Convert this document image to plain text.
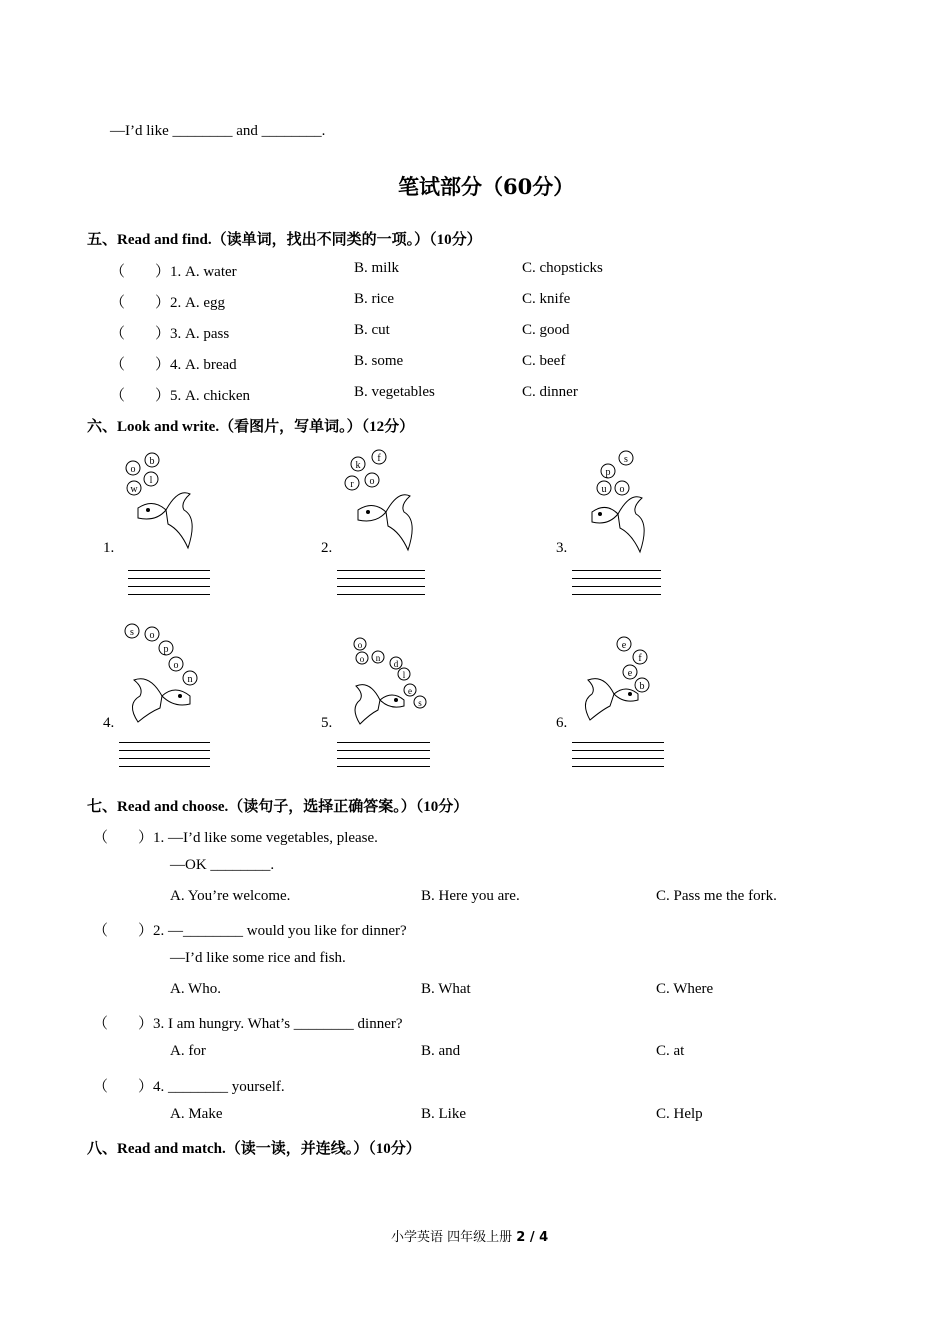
—I’d like ________ and ________.
笔试部分（60分）
五、Read and find.（读单词，找出不同类的一项。）（10分）
（　　）1. A. water	B. milk	C. chopsticks
（　　）2. A. egg	B. rice	C. knife
（　　）3. A. pass	B. cut	C. good
（　　）4. A. bread	B. some	C. beef
（　　）5. A. chicken	B. vegetables	C. dinner
六、Look and write.（看图片，写单词。）（12分）
1.
o
b
w
l
2.
k
f
r o
3.
p
s
u o
4.
s o
p
o
n
5.
o
o n
d
l
e
s
6.
e
f
e
b
七、Read and choose.（读句子，选择正确答案。）（10分）
（　　）1. —I’d like some vegetables, please.
—OK ________.
A. You’re welcome.	B. Here you are.	C. Pass me the fork.
（　　）2. —________ would you like for dinner?
—I’d like some rice and fish.
A. Who.	B. What	C. Where
（　　）3. I am hungry. What’s ________ dinner?
A. for	B. and	C. at
（　　）4. ________ yourself.
A. Make	B. Like	C. Help
八、Read and match.（读一读，并连线。）（10分）
小学英语 四年级上册 2 / 4
